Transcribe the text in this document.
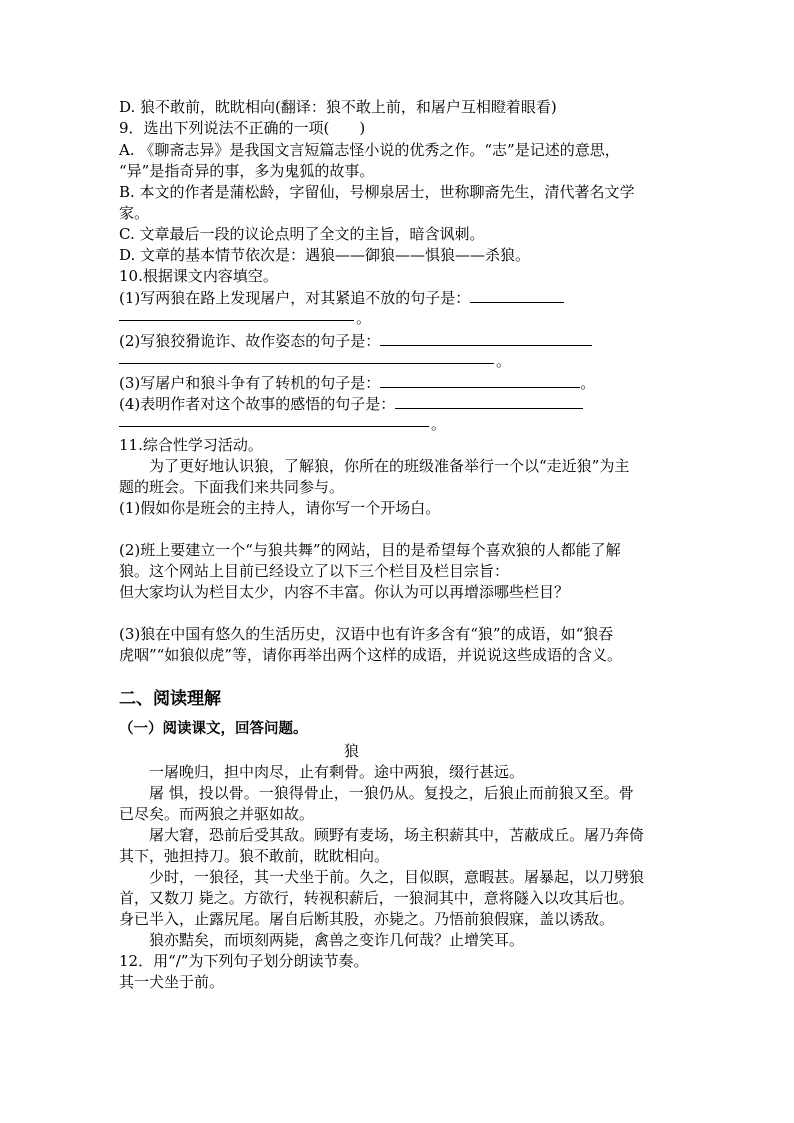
D. 狼不敢前，眈眈相向(翻译：狼不敢上前，和屠户互相瞪着眼看)
9．选出下列说法不正确的一项(　　)
A. 《聊斋志异》是我国文言短篇志怪小说的优秀之作。“志”是记述的意思，
“异”是指奇异的事，多为鬼狐的故事。
B. 本文的作者是蒲松龄，字留仙，号柳泉居士，世称聊斋先生，清代著名文学
家。
C. 文章最后一段的议论点明了全文的主旨，暗含讽刺。
D. 文章的基本情节依次是：遇狼——御狼——惧狼——杀狼。
10.根据课文内容填空。
(1)写两狼在路上发现屠户，对其紧追不放的句子是：
。
(2)写狼狡猾诡诈、故作姿态的句子是：
。
(3)写屠户和狼斗争有了转机的句子是：	。
(4)表明作者对这个故事的感悟的句子是：
。
11.综合性学习活动。
为了更好地认识狼，了解狼，你所在的班级准备举行一个以“走近狼”为主
题的班会。下面我们来共同参与。
(1)假如你是班会的主持人，请你写一个开场白。
(2)班上要建立一个“与狼共舞”的网站，目的是希望每个喜欢狼的人都能了解
狼。这个网站上目前已经设立了以下三个栏目及栏目宗旨：
但大家均认为栏目太少，内容不丰富。你认为可以再增添哪些栏目？
(3)狼在中国有悠久的生活历史，汉语中也有许多含有“狼”的成语，如“狼吞
虎咽”“如狼似虎”等，请你再举出两个这样的成语，并说说这些成语的含义。
二、阅读理解
（一）阅读课文，回答问题。
狼
一屠晚归，担中肉尽，止有剩骨。途中两狼，缀行甚远。
屠 惧，投以骨。一狼得骨止，一狼仍从。复投之，后狼止而前狼又至。骨
已尽矣。而两狼之并驱如故。
屠大窘，恐前后受其敌。顾野有麦场，场主积薪其中，苫蔽成丘。屠乃奔倚
其下，弛担持刀。狼不敢前，眈眈相向。
少时，一狼径，其一犬坐于前。久之，目似瞑，意暇甚。屠暴起，以刀劈狼
首，又数刀 毙之。方欲行，转视积薪后，一狼洞其中，意将隧入以攻其后也。
身已半入，止露尻尾。屠自后断其股，亦毙之。乃悟前狼假寐，盖以诱敌。
狼亦黠矣，而顷刻两毙，禽兽之变诈几何哉？止增笑耳。
12．用“/”为下列句子划分朗读节奏。
其一犬坐于前。
